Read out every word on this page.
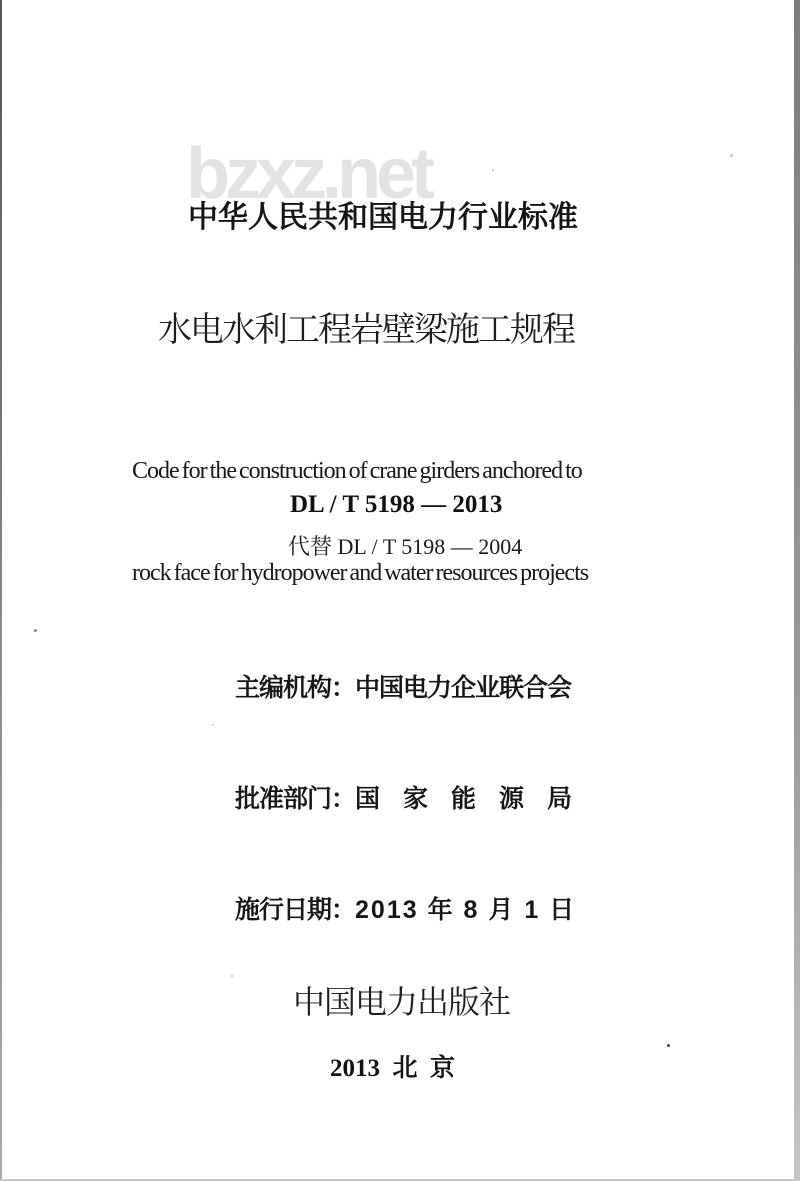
bzxz.net
中华人民共和国电力行业标准
水电水利工程岩壁梁施工规程

Code for the construction of crane girders anchored to

rock face for hydropower and water resources projects

DL / T 5198 — 2013
代替 DL / T 5198 — 2004

主编机构：中国电力企业联合会

批准部门：国　家　能　源　局

施行日期：2013 年 8 月 1 日

中国电力出版社
2013  北  京
